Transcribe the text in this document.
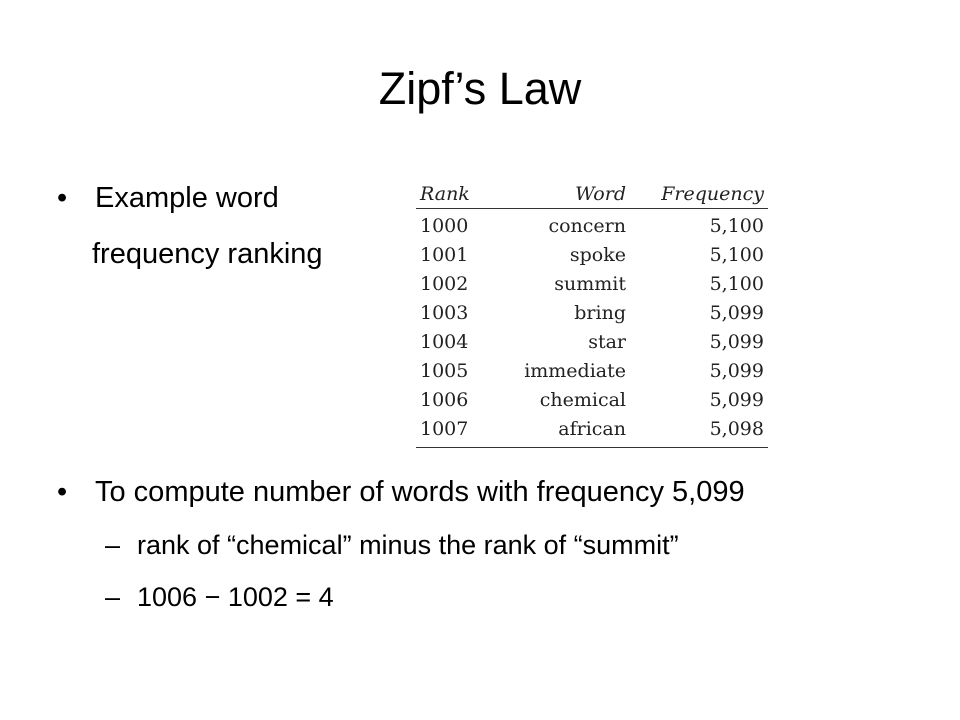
Zipf’s Law
• Example word
frequency ranking
Rank	Word	Frequency
1000	concern	5,100
1001	spoke	5,100
1002	summit	5,100
1003	bring	5,099
1004	star	5,099
1005	immediate	5,099
1006	chemical	5,099
1007	african	5,098
• To compute number of words with frequency 5,099
– rank of “chemical” minus the rank of “summit”
– 1006 − 1002 = 4
